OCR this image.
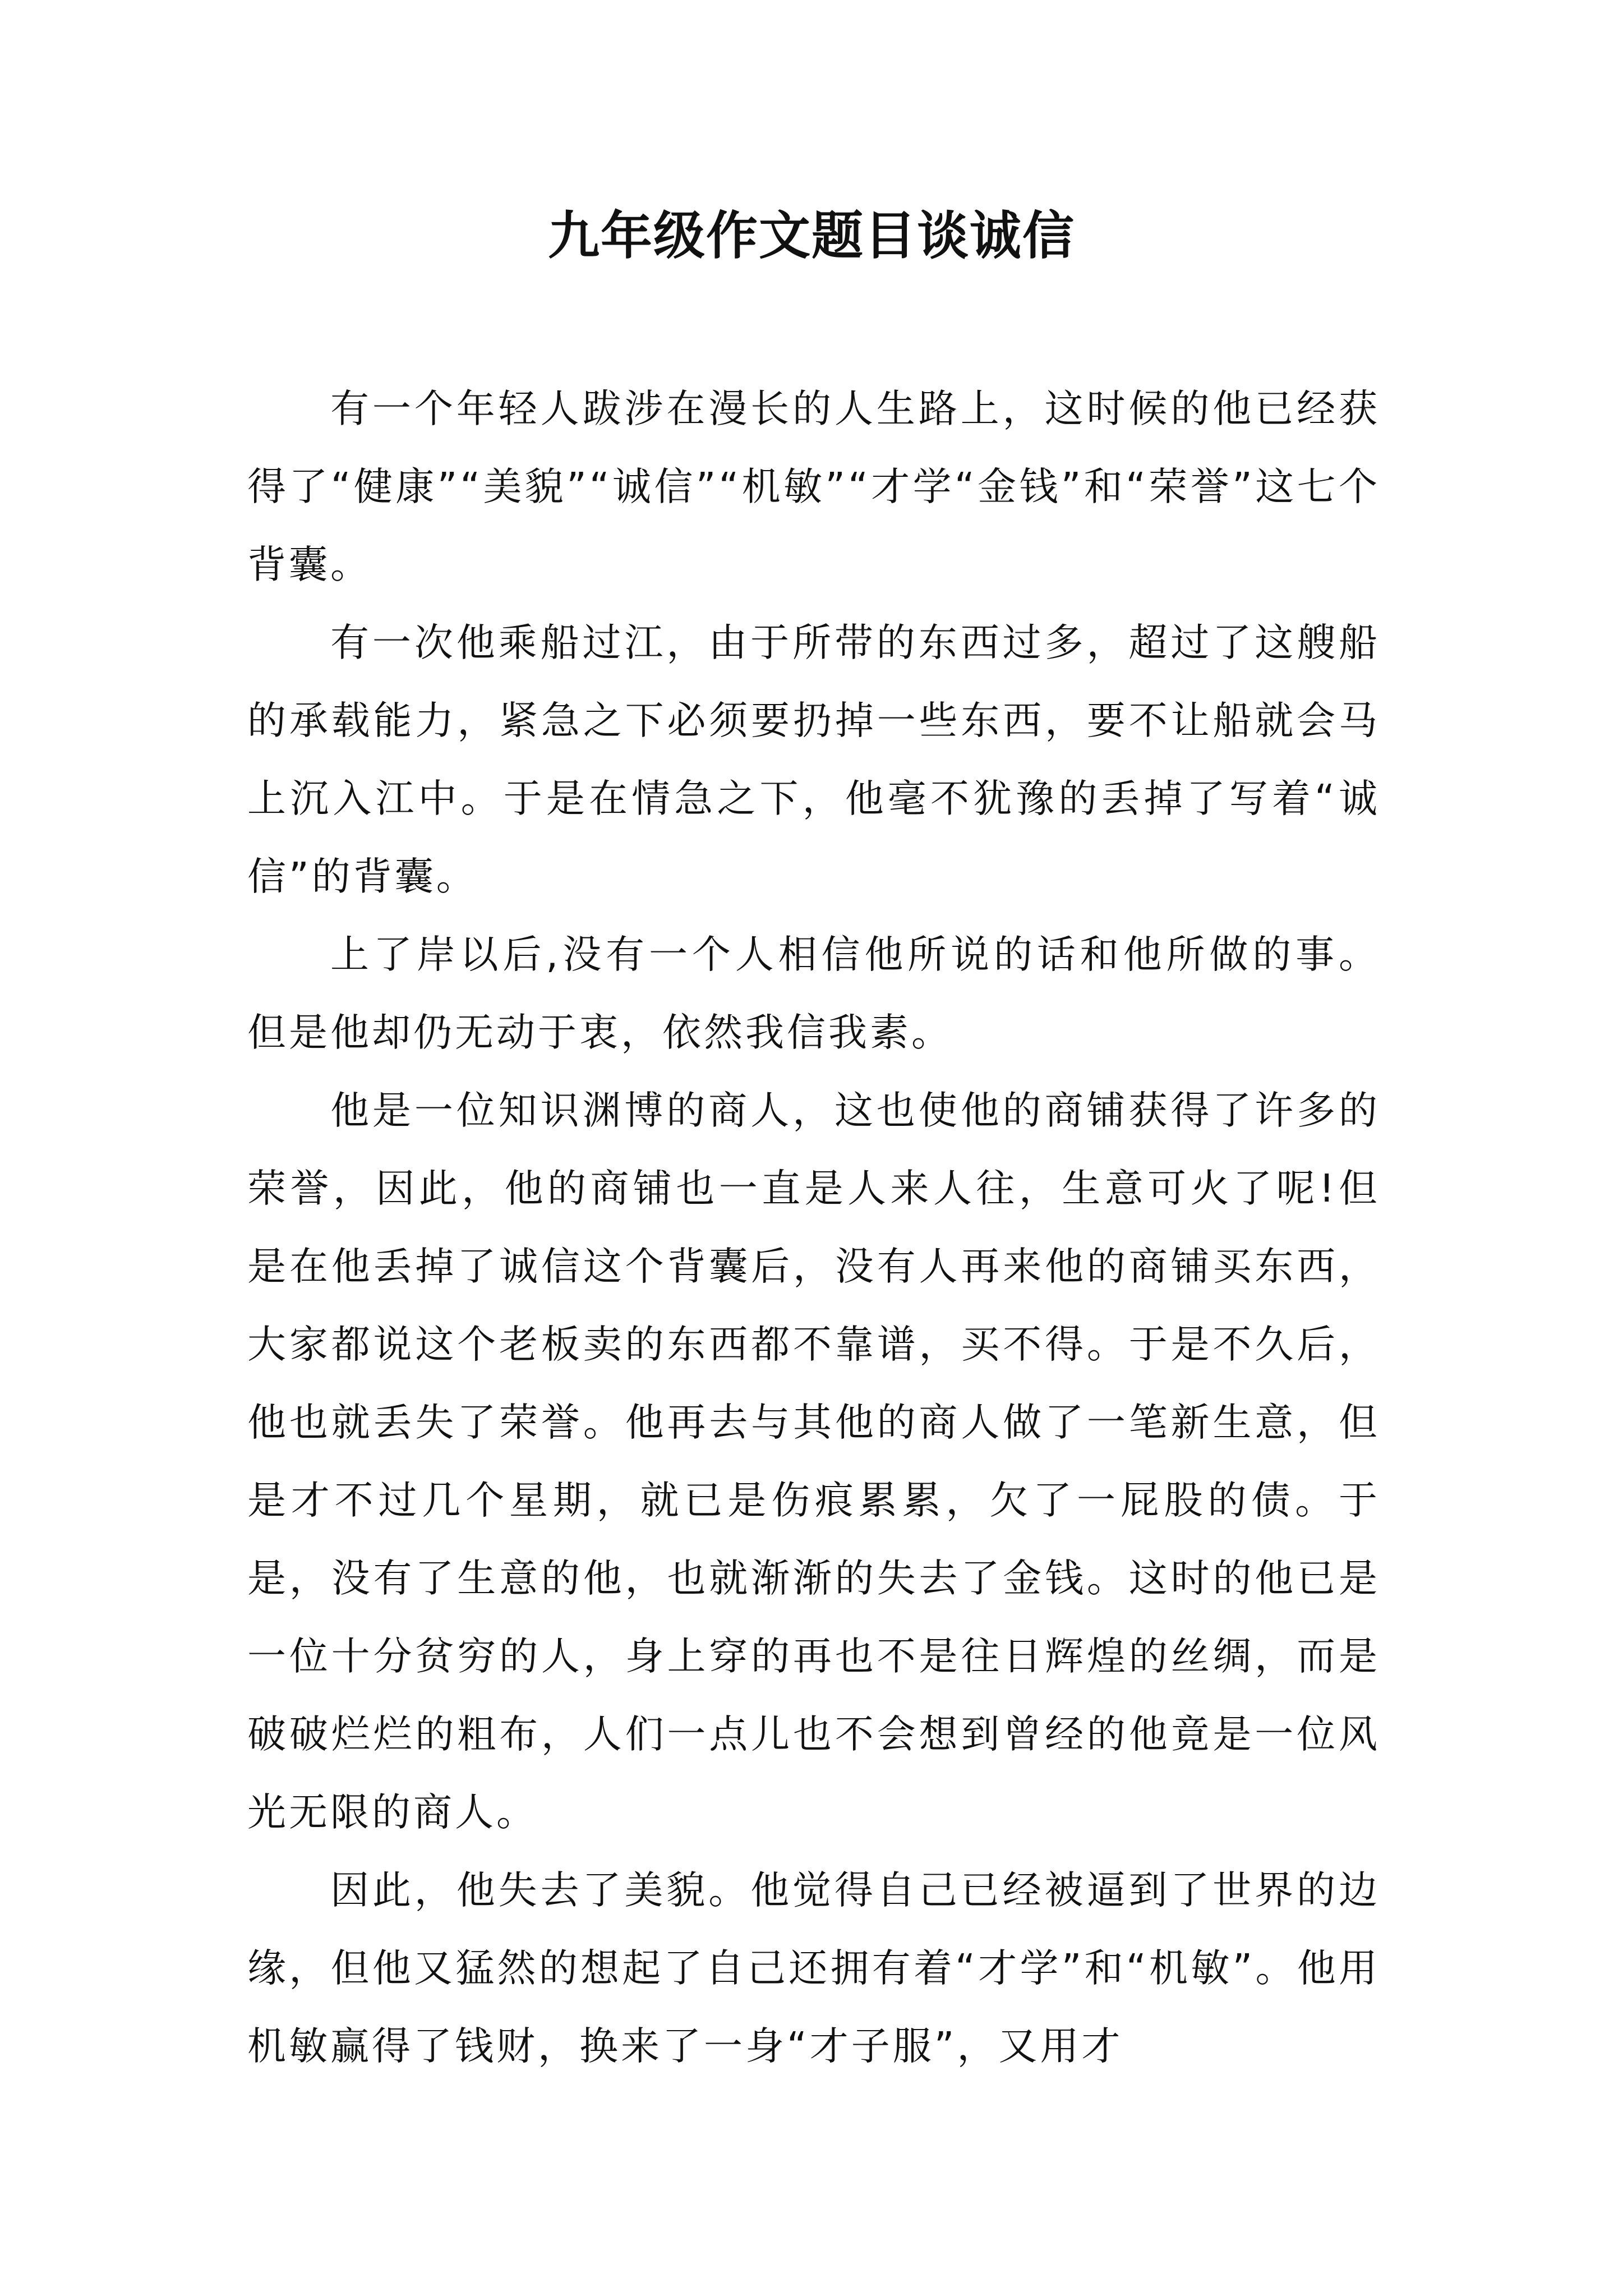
九年级作文题目谈诚信

有一个年轻人跋涉在漫长的人生路上，这时候的他已经获得了“健康”“美貌”“诚信”“机敏”“才学“金钱”和“荣誉”这七个背囊。

有一次他乘船过江，由于所带的东西过多，超过了这艘船的承载能力，紧急之下必须要扔掉一些东西，要不让船就会马上沉入江中。于是在情急之下，他毫不犹豫的丢掉了写着“诚信”的背囊。

上了岸以后,没有一个人相信他所说的话和他所做的事。但是他却仍无动于衷，依然我信我素。

他是一位知识渊博的商人，这也使他的商铺获得了许多的荣誉，因此，他的商铺也一直是人来人往，生意可火了呢!但是在他丢掉了诚信这个背囊后，没有人再来他的商铺买东西，大家都说这个老板卖的东西都不靠谱，买不得。于是不久后，他也就丢失了荣誉。他再去与其他的商人做了一笔新生意，但是才不过几个星期，就已是伤痕累累，欠了一屁股的债。于是，没有了生意的他，也就渐渐的失去了金钱。这时的他已是一位十分贫穷的人，身上穿的再也不是往日辉煌的丝绸，而是破破烂烂的粗布，人们一点儿也不会想到曾经的他竟是一位风光无限的商人。

因此，他失去了美貌。他觉得自己已经被逼到了世界的边缘，但他又猛然的想起了自己还拥有着“才学”和“机敏”。他用机敏赢得了钱财，换来了一身“才子服”，又用才
